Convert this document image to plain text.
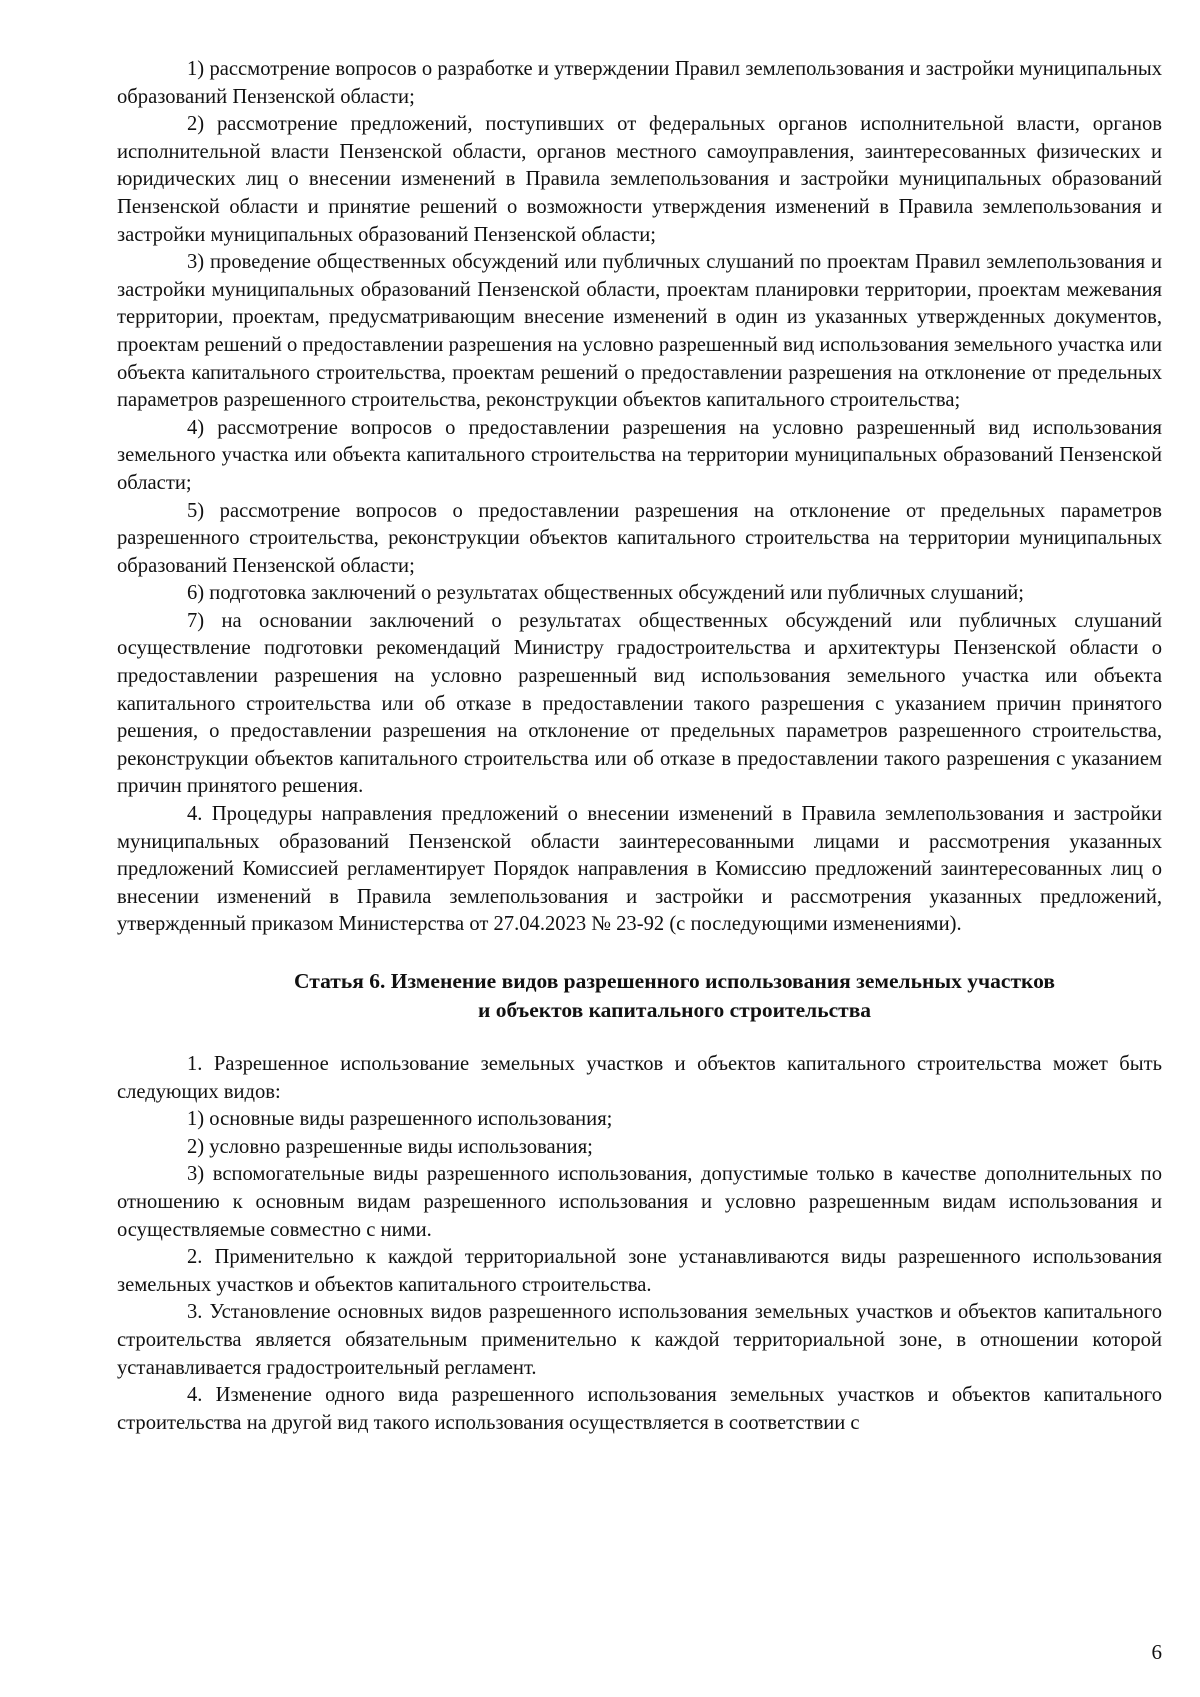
1) рассмотрение вопросов о разработке и утверждении Правил землепользования и застройки муниципальных образований Пензенской области;

2) рассмотрение предложений, поступивших от федеральных органов исполнительной власти, органов исполнительной власти Пензенской области, органов местного самоуправления, заинтересованных физических и юридических лиц о внесении изменений в Правила землепользования и застройки муниципальных образований Пензенской области и принятие решений о возможности утверждения изменений в Правила землепользования и застройки муниципальных образований Пензенской области;

3) проведение общественных обсуждений или публичных слушаний по проектам Правил землепользования и застройки муниципальных образований Пензенской области, проектам планировки территории, проектам межевания территории, проектам, предусматривающим внесение изменений в один из указанных утвержденных документов, проектам решений о предоставлении разрешения на условно разрешенный вид использования земельного участка или объекта капитального строительства, проектам решений о предоставлении разрешения на отклонение от предельных параметров разрешенного строительства, реконструкции объектов капитального строительства;

4) рассмотрение вопросов о предоставлении разрешения на условно разрешенный вид использования земельного участка или объекта капитального строительства на территории муниципальных образований Пензенской области;

5) рассмотрение вопросов о предоставлении разрешения на отклонение от предельных параметров разрешенного строительства, реконструкции объектов капитального строительства на территории муниципальных образований Пензенской области;

6) подготовка заключений о результатах общественных обсуждений или публичных слушаний;

7) на основании заключений о результатах общественных обсуждений или публичных слушаний осуществление подготовки рекомендаций Министру градостроительства и архитектуры Пензенской области о предоставлении разрешения на условно разрешенный вид использования земельного участка или объекта капитального строительства или об отказе в предоставлении такого разрешения с указанием причин принятого решения, о предоставлении разрешения на отклонение от предельных параметров разрешенного строительства, реконструкции объектов капитального строительства или об отказе в предоставлении такого разрешения с указанием причин принятого решения.

4. Процедуры направления предложений о внесении изменений в Правила землепользования и застройки муниципальных образований Пензенской области заинтересованными лицами и рассмотрения указанных предложений Комиссией регламентирует Порядок направления в Комиссию предложений заинтересованных лиц о внесении изменений в Правила землепользования и застройки и рассмотрения указанных предложений, утвержденный приказом Министерства от 27.04.2023 № 23-92 (с последующими изменениями).

Статья 6. Изменение видов разрешенного использования земельных участков
и объектов капитального строительства

1. Разрешенное использование земельных участков и объектов капитального строительства может быть следующих видов:

1) основные виды разрешенного использования;

2) условно разрешенные виды использования;

3) вспомогательные виды разрешенного использования, допустимые только в качестве дополнительных по отношению к основным видам разрешенного использования и условно разрешенным видам использования и осуществляемые совместно с ними.

2. Применительно к каждой территориальной зоне устанавливаются виды разрешенного использования земельных участков и объектов капитального строительства.

3. Установление основных видов разрешенного использования земельных участков и объектов капитального строительства является обязательным применительно к каждой территориальной зоне, в отношении которой устанавливается градостроительный регламент.

4. Изменение одного вида разрешенного использования земельных участков и объектов капитального строительства на другой вид такого использования осуществляется в соответствии с

6
